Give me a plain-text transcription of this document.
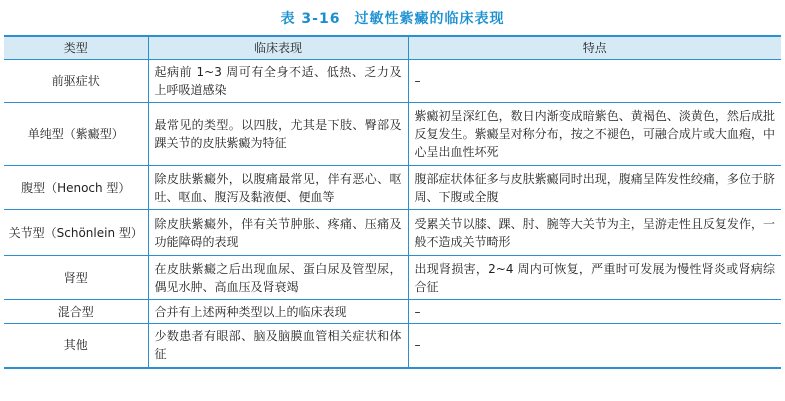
表 3-16 过敏性紫癜的临床表现
类型	临床表现	特点
前驱症状	起病前 1~3 周可有全身不适、低热、乏力及上呼吸道感染	–
单纯型（紫癜型）	最常见的类型。以四肢，尤其是下肢、臀部及踝关节的皮肤紫癜为特征	紫癜初呈深红色，数日内渐变成暗紫色、黄褐色、淡黄色，然后成批反复发生。紫癜呈对称分布，按之不褪色，可融合成片或大血疱，中心呈出血性坏死
腹型（Henoch 型）	除皮肤紫癜外，以腹痛最常见，伴有恶心、呕吐、呕血、腹泻及黏液便、便血等	腹部症状体征多与皮肤紫癜同时出现，腹痛呈阵发性绞痛，多位于脐周、下腹或全腹
关节型（Schönlein 型）	除皮肤紫癜外，伴有关节肿胀、疼痛、压痛及功能障碍的表现	受累关节以膝、踝、肘、腕等大关节为主，呈游走性且反复发作，一般不造成关节畸形
肾型	在皮肤紫癜之后出现血尿、蛋白尿及管型尿，偶见水肿、高血压及肾衰竭	出现肾损害，2~4 周内可恢复，严重时可发展为慢性肾炎或肾病综合征
混合型	合并有上述两种类型以上的临床表现	–
其他	少数患者有眼部、脑及脑膜血管相关症状和体征	–
